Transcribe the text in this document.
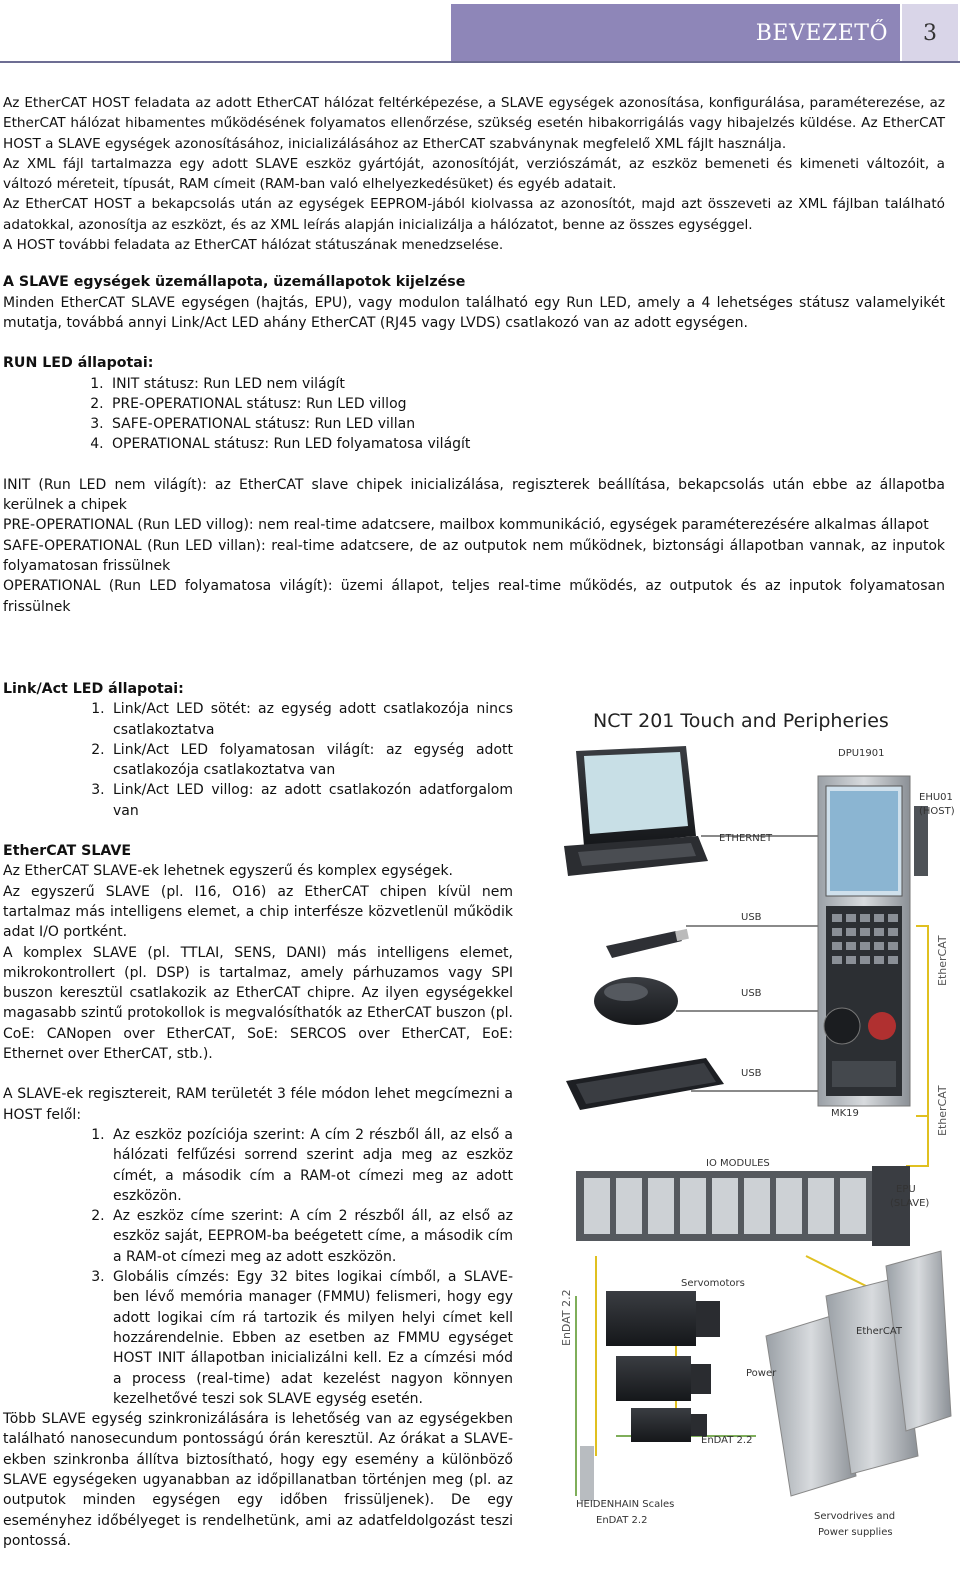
BEVEZETŐ	3

Az EtherCAT HOST feladata az adott EtherCAT hálózat feltérképezése, a SLAVE egységek azonosítása, konfigurálása, paraméterezése, az EtherCAT hálózat hibamentes működésének folyamatos ellenőrzése, szükség esetén hibakorrigálás vagy hibajelzés küldése. Az EtherCAT HOST a SLAVE egységek azonosításához, inicializálásához az EtherCAT szabványnak megfelelő XML fájlt használja.

Az XML fájl tartalmazza egy adott SLAVE eszköz gyártóját, azonosítóját, verziószámát, az eszköz bemeneti és kimeneti változóit, a változó méreteit, típusát, RAM címeit (RAM-ban való elhelyezkedésüket) és egyéb adatait.

Az EtherCAT HOST a bekapcsolás után az egységek EEPROM-jából kiolvassa az azonosítót, majd azt összeveti az XML fájlban található adatokkal, azonosítja az eszközt, és az XML leírás alapján inicializálja a hálózatot, benne az összes egységgel.

A HOST további feladata az EtherCAT hálózat státuszának menedzselése.

A SLAVE egységek üzemállapota, üzemállapotok kijelzése

Minden EtherCAT SLAVE egységen (hajtás, EPU), vagy modulon található egy Run LED, amely a 4 lehetséges státusz valamelyikét mutatja, továbbá annyi Link/Act LED ahány EtherCAT (RJ45 vagy LVDS) csatlakozó van az adott egységen.

RUN LED állapotai:

1. INIT státusz: Run LED nem világít
2. PRE-OPERATIONAL státusz: Run LED villog
3. SAFE-OPERATIONAL státusz: Run LED villan
4. OPERATIONAL státusz: Run LED folyamatosa világít

INIT (Run LED nem világít): az EtherCAT slave chipek inicializálása, regiszterek beállítása, bekapcsolás után ebbe az állapotba kerülnek a chipek

PRE-OPERATIONAL (Run LED villog): nem real-time adatcsere, mailbox kommunikáció, egységek paraméterezésére alkalmas állapot

SAFE-OPERATIONAL (Run LED villan): real-time adatcsere, de az outputok nem működnek, biztonsági állapotban vannak, az inputok folyamatosan frissülnek

OPERATIONAL (Run LED folyamatosa világít): üzemi állapot, teljes real-time működés, az outputok és az inputok folyamatosan frissülnek

Link/Act LED állapotai:

1. Link/Act LED sötét: az egység adott csatlakozója nincs csatlakoztatva
2. Link/Act LED folyamatosan világít: az egység adott csatlakozója csatlakoztatva van
3. Link/Act LED villog: az adott csatlakozón adatforgalom van

EtherCAT SLAVE

Az EtherCAT SLAVE-ek lehetnek egyszerű és komplex egységek.

Az egyszerű SLAVE (pl. I16, O16) az EtherCAT chipen kívül nem tartalmaz más intelligens elemet, a chip interfésze közvetlenül működik adat I/O portként.

A komplex SLAVE (pl. TTLAI, SENS, DANI) más intelligens elemet, mikrokontrollert (pl. DSP) is tartalmaz, amely párhuzamos vagy SPI buszon keresztül csatlakozik az EtherCAT chipre. Az ilyen egységekkel magasabb szintű protokollok is megvalósíthatók az EtherCAT buszon (pl. CoE: CANopen over EtherCAT, SoE: SERCOS over EtherCAT, EoE: Ethernet over EtherCAT, stb.).

A SLAVE-ek regisztereit, RAM területét 3 féle módon lehet megcímezni a HOST felől:

1. Az eszköz pozíciója szerint: A cím 2 részből áll, az első a hálózati felfűzési sorrend szerint adja meg az eszköz címét, a második cím a RAM-ot címezi meg az adott eszközön.
2. Az eszköz címe szerint: A cím 2 részből áll, az első az eszköz saját, EEPROM-ba beégetett címe, a második cím a RAM-ot címezi meg az adott eszközön.
3. Globális címzés: Egy 32 bites logikai címből, a SLAVE-ben lévő memória manager (FMMU) felismeri, hogy egy adott logikai cím rá tartozik és milyen helyi címet kell hozzárendelnie. Ebben az esetben az FMMU egységet HOST INIT állapotban inicializálni kell. Ez a címzési mód a process (real-time) adat kezelést nagyon könnyen kezelhetővé teszi sok SLAVE egység esetén.

Több SLAVE egység szinkronizálására is lehetőség van az egységekben található nanosecundum pontosságú órán keresztül. Az órákat a SLAVE-ekben szinkronba állítva biztosítható, hogy egy esemény a különböző SLAVE egységeken ugyanabban az időpillanatban történjen meg (pl. az outputok minden egységen egy időben frissüljenek). De egy eseményhez időbélyeget is rendelhetünk, ami az adatfeldolgozást teszi pontossá.

NCT 201 Touch and Peripheries
DPU1901
EHU01
(HOST)
ETHERNET
USB
USB
USB
EtherCAT
EtherCAT
MK19
IO MODULES
EPU
(SLAVE)
Servomotors
EnDAT 2.2	EtherCAT
Power
EnDAT 2.2
HEIDENHAIN Scales
EnDAT 2.2	Servodrives and
Power supplies
